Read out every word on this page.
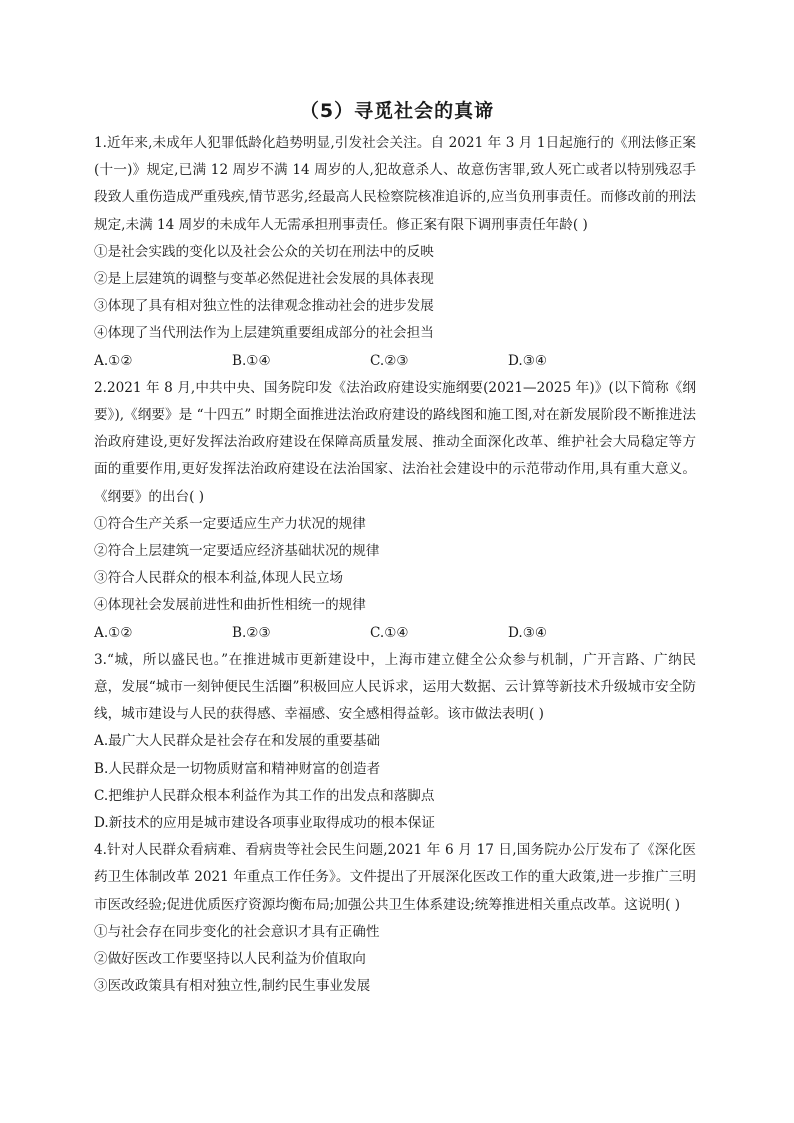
（5）寻觅社会的真谛

1.近年来,未成年人犯罪低龄化趋势明显,引发社会关注。自 2021 年 3 月 1日起施行的《刑法修正案(十一)》规定,已满 12 周岁不满 14 周岁的人,犯故意杀人、故意伤害罪,致人死亡或者以特别残忍手段致人重伤造成严重残疾,情节恶劣,经最高人民检察院核准追诉的,应当负刑事责任。而修改前的刑法规定,未满 14 周岁的未成年人无需承担刑事责任。修正案有限下调刑事责任年龄( )

①是社会实践的变化以及社会公众的关切在刑法中的反映

②是上层建筑的调整与变革必然促进社会发展的具体表现

③体现了具有相对独立性的法律观念推动社会的进步发展

④体现了当代刑法作为上层建筑重要组成部分的社会担当

A.①②	B.①④	C.②③	D.③④

2.2021 年 8 月,中共中央、国务院印发《法治政府建设实施纲要(2021—2025 年)》(以下简称《纲要》),《纲要》是 “十四五” 时期全面推进法治政府建设的路线图和施工图,对在新发展阶段不断推进法治政府建设,更好发挥法治政府建设在保障高质量发展、推动全面深化改革、维护社会大局稳定等方面的重要作用,更好发挥法治政府建设在法治国家、法治社会建设中的示范带动作用,具有重大意义。《纲要》的出台( )

①符合生产关系一定要适应生产力状况的规律

②符合上层建筑一定要适应经济基础状况的规律

③符合人民群众的根本利益,体现人民立场

④体现社会发展前进性和曲折性相统一的规律

A.①②	B.②③	C.①④	D.③④

3.“城，所以盛民也。”在推进城市更新建设中，上海市建立健全公众参与机制，广开言路、广纳民意，发展“城市一刻钟便民生活圈”积极回应人民诉求，运用大数据、云计算等新技术升级城市安全防线，城市建设与人民的获得感、幸福感、安全感相得益彰。该市做法表明( )

A.最广大人民群众是社会存在和发展的重要基础

B.人民群众是一切物质财富和精神财富的创造者

C.把维护人民群众根本利益作为其工作的出发点和落脚点

D.新技术的应用是城市建设各项事业取得成功的根本保证

4.针对人民群众看病难、看病贵等社会民生问题,2021 年 6 月 17 日,国务院办公厅发布了《深化医药卫生体制改革 2021 年重点工作任务》。文件提出了开展深化医改工作的重大政策,进一步推广三明市医改经验;促进优质医疗资源均衡布局;加强公共卫生体系建设;统筹推进相关重点改革。这说明( )

①与社会存在同步变化的社会意识才具有正确性

②做好医改工作要坚持以人民利益为价值取向

③医改政策具有相对独立性,制约民生事业发展
